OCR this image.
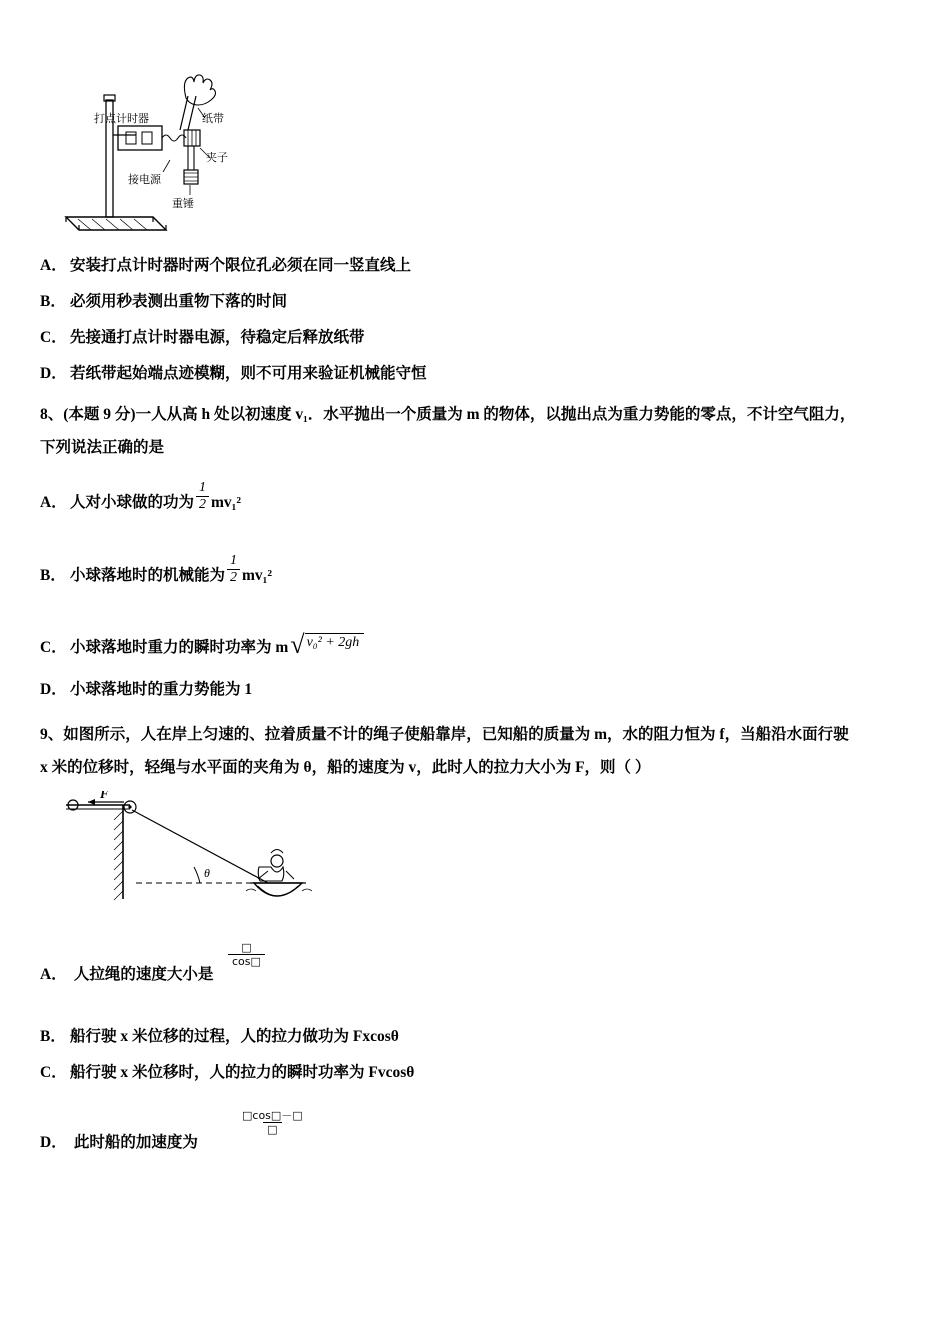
打点计时器	纸带
接电源
夹子
重锤
A． 安装打点计时器时两个限位孔必须在同一竖直线上
B． 必须用秒表测出重物下落的时间
C． 先接通打点计时器电源，待稳定后释放纸带
D． 若纸带起始端点迹模糊，则不可用来验证机械能守恒
8、(本题 9 分)一人从高 h 处以初速度 v₁．水平抛出一个质量为 m 的物体，以抛出点为重力势能的零点，不计空气阻力，
下列说法正确的是
A． 人对小球做的功为 $\frac{1}{2} mv_1^2$
B． 小球落地时的机械能为 $\frac{1}{2} mv_1^2$
C． 小球落地时重力的瞬时功率为 m √ v₀² + 2gh
D． 小球落地时的重力势能为 1
9、如图所示，人在岸上匀速的、拉着质量不计的绳子使船靠岸，已知船的质量为 m，水的阻力恒为 f，当船沿水面行驶
x 米的位移时，轻绳与水平面的夹角为 θ，船的速度为 v，此时人的拉力大小为 F，则（ ）
F
θ
□
cos□
A． 人拉绳的速度大小是
B． 船行驶 x 米位移的过程，人的拉力做功为 Fxcosθ
C． 船行驶 x 米位移时，人的拉力的瞬时功率为 Fvcosθ
□cos□－□
□
D． 此时船的加速度为
